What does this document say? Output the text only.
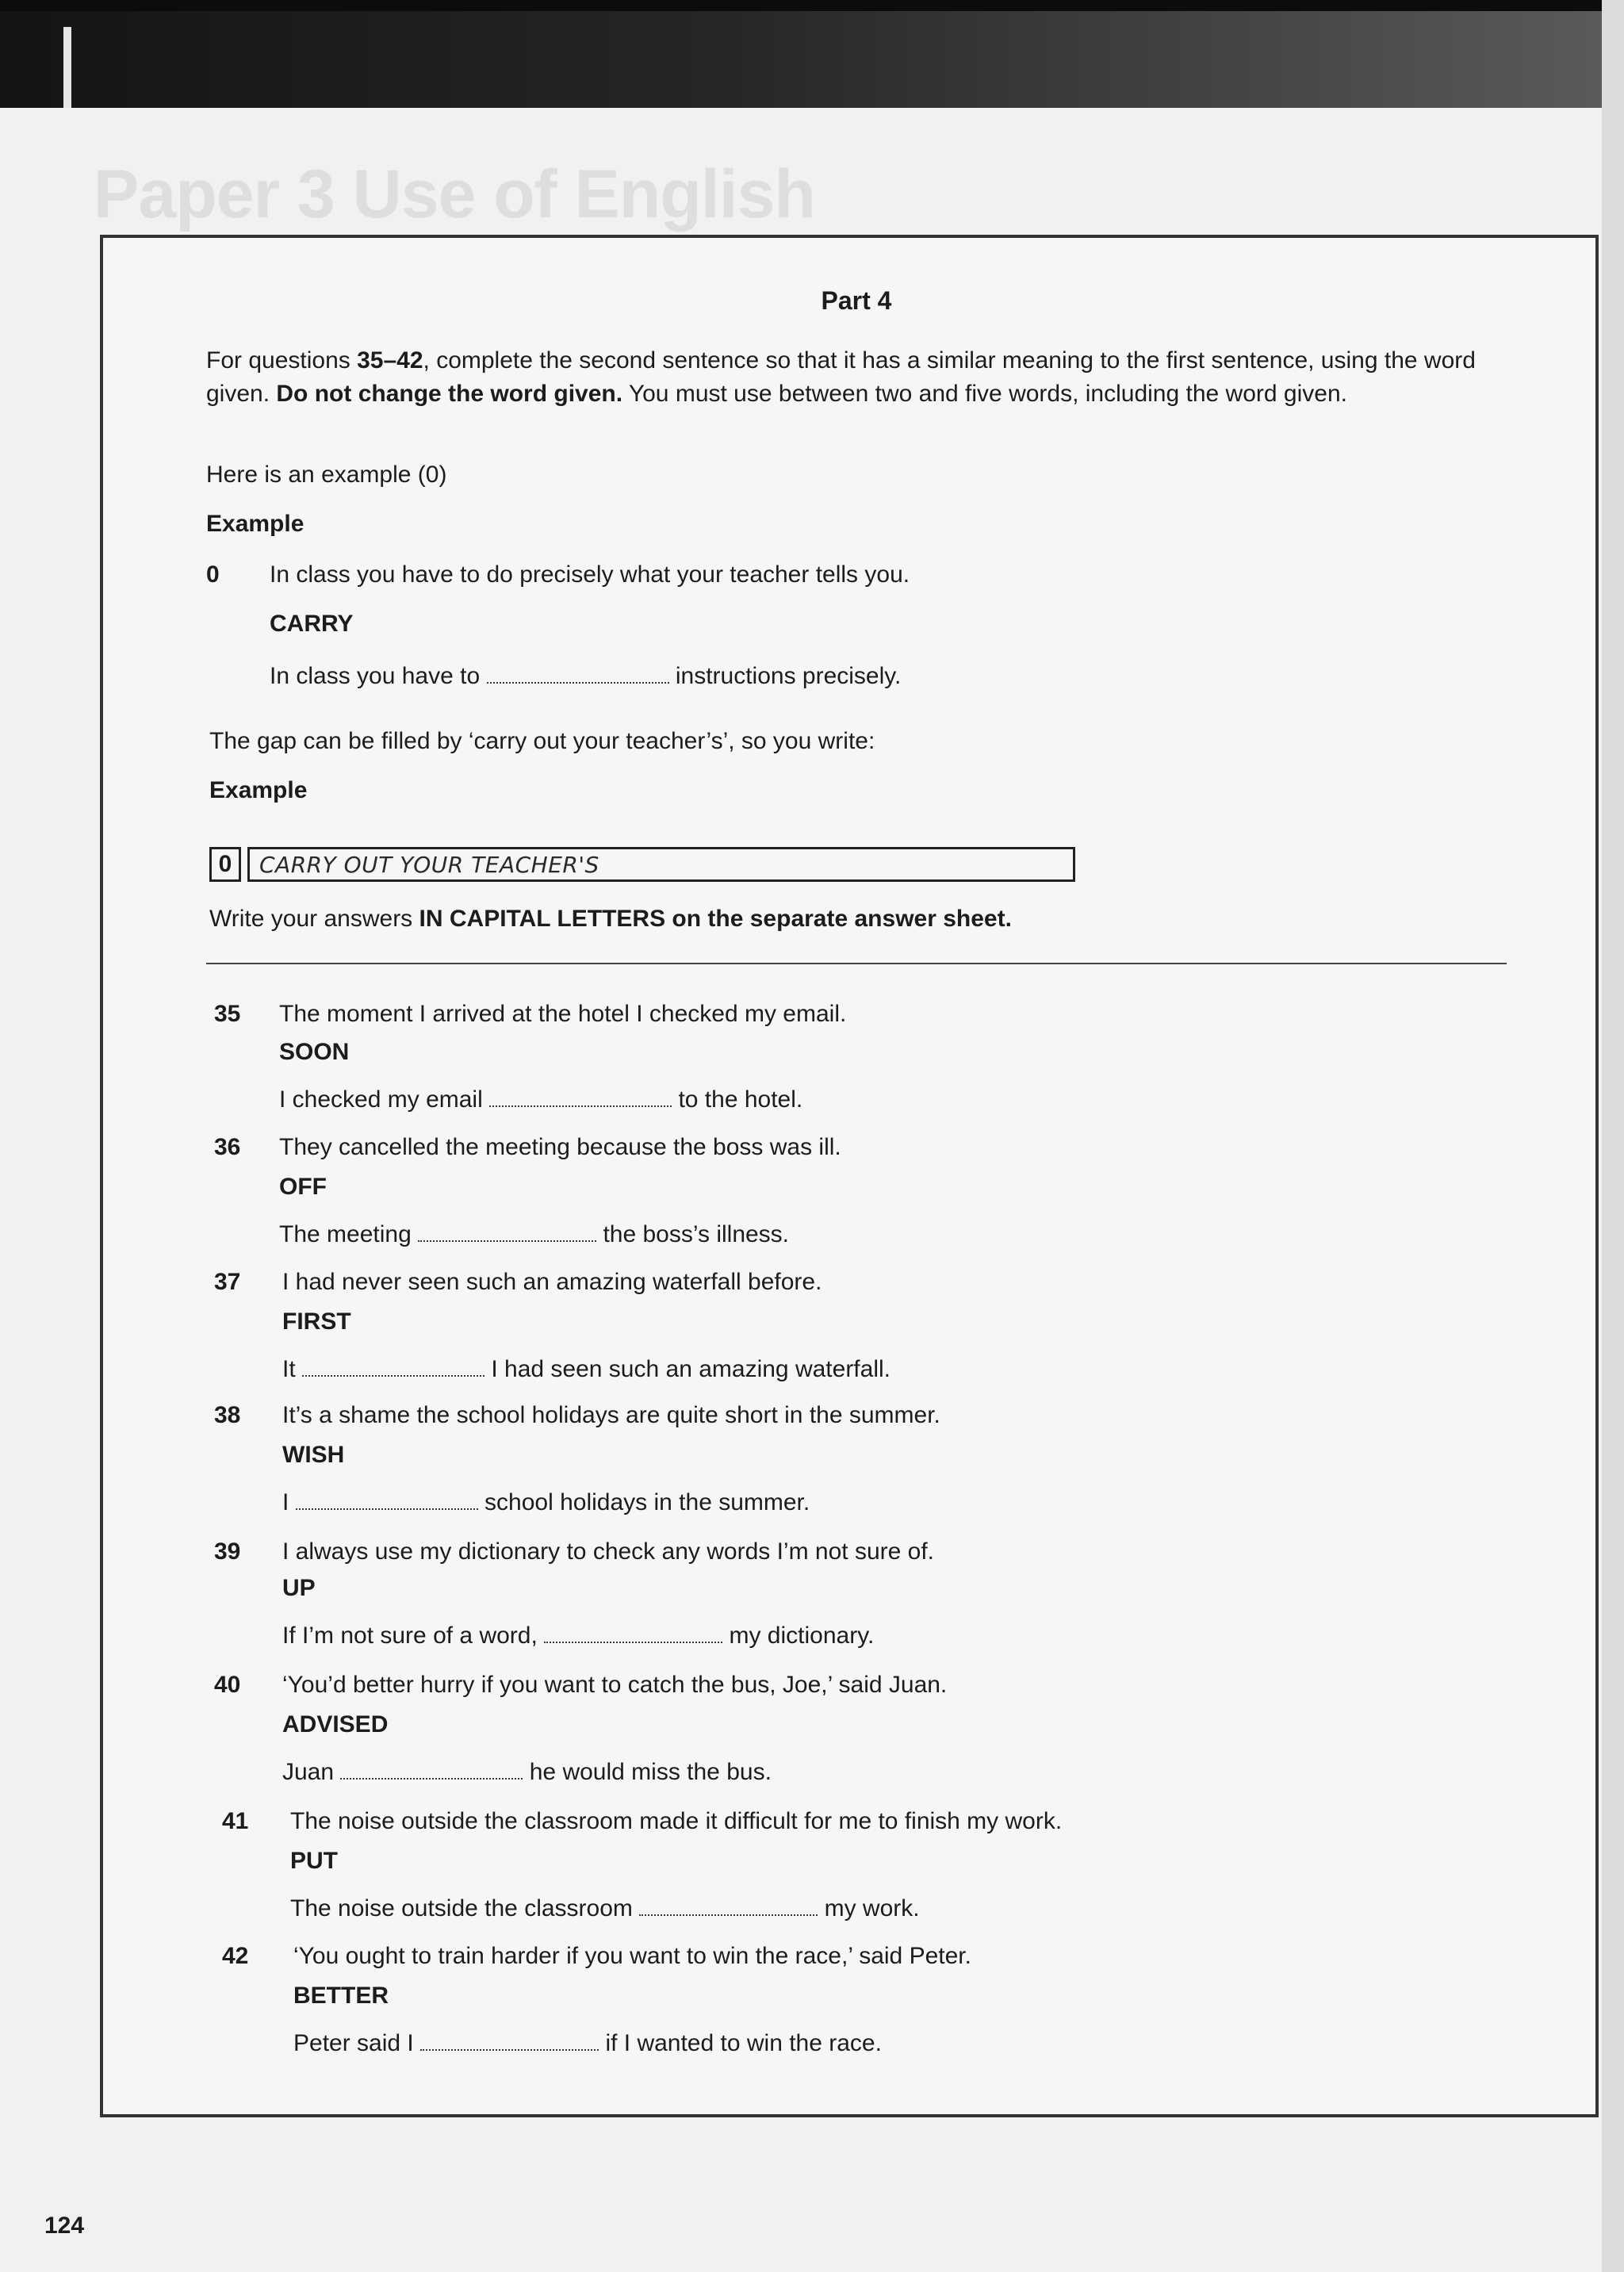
Paper 3 Use of English
Part 4
For questions 35–42, complete the second sentence so that it has a similar meaning to the first sentence, using the word given. Do not change the word given. You must use between two and five words, including the word given.
Here is an example (0)
Example
0 In class you have to do precisely what your teacher tells you.
CARRY
In class you have to	instructions precisely.
The gap can be filled by ‘carry out your teacher’s’, so you write:
Example
0	CARRY OUT YOUR TEACHER'S
Write your answers IN CAPITAL LETTERS on the separate answer sheet.
35 The moment I arrived at the hotel I checked my email.
SOON
I checked my email	to the hotel.
36 They cancelled the meeting because the boss was ill.
OFF
The meeting	the boss’s illness.
37 I had never seen such an amazing waterfall before.
FIRST
It	I had seen such an amazing waterfall.
38 It’s a shame the school holidays are quite short in the summer.
WISH
I	school holidays in the summer.
39 I always use my dictionary to check any words I’m not sure of.
UP
If I’m not sure of a word,	my dictionary.
40 ‘You’d better hurry if you want to catch the bus, Joe,’ said Juan.
ADVISED
Juan	he would miss the bus.
41 The noise outside the classroom made it difficult for me to finish my work.
PUT
The noise outside the classroom	my work.
42 ‘You ought to train harder if you want to win the race,’ said Peter.
BETTER
Peter said I	if I wanted to win the race.
124
